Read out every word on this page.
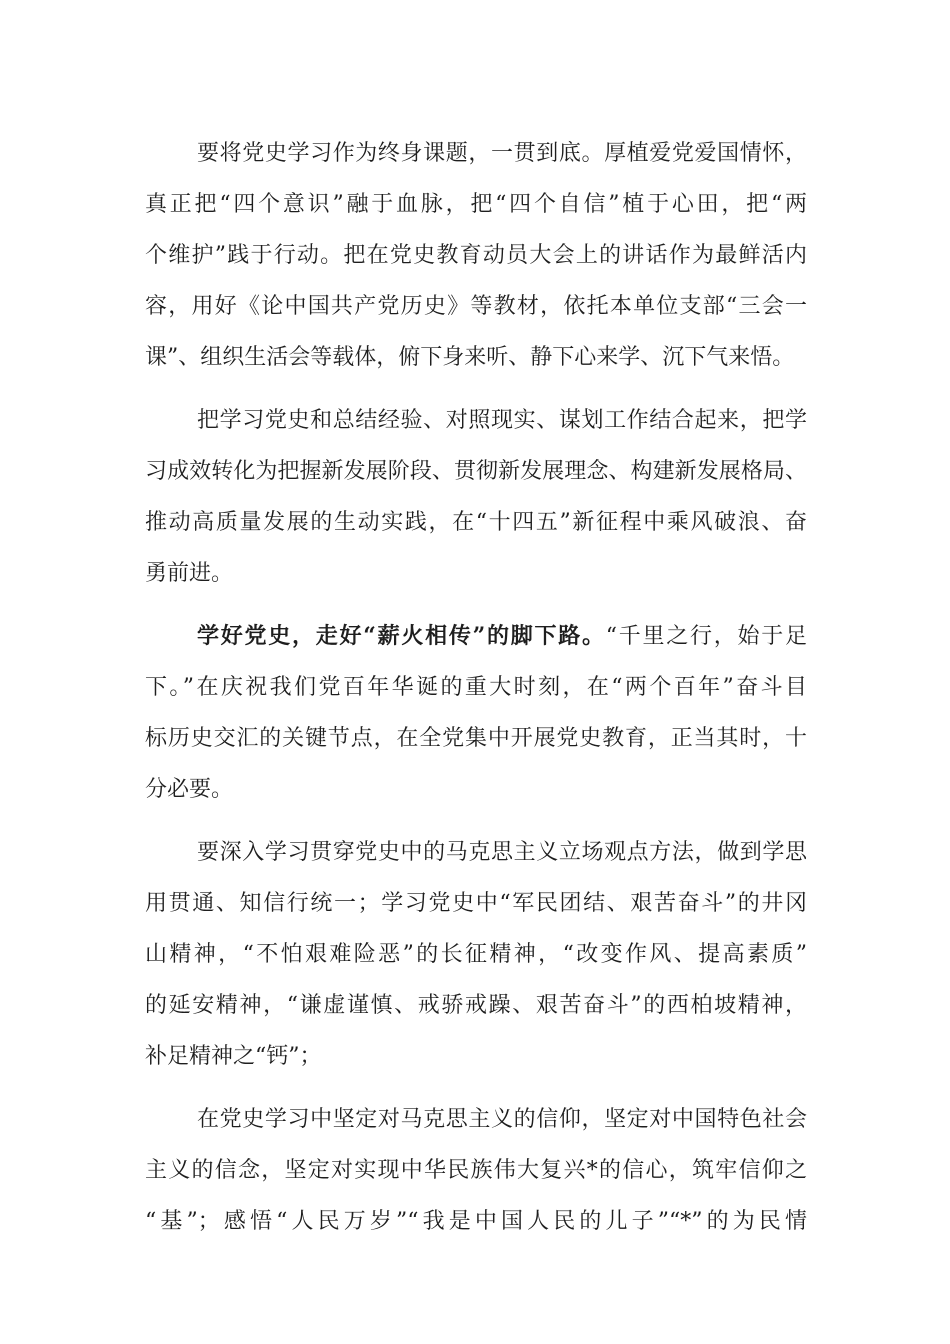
要将党史学习作为终身课题，一贯到底。厚植爱党爱国情怀，
真正把“四个意识”融于血脉，把“四个自信”植于心田，把“两
个维护”践于行动。把在党史教育动员大会上的讲话作为最鲜活内
容，用好《论中国共产党历史》等教材，依托本单位支部“三会一
课”、组织生活会等载体，俯下身来听、静下心来学、沉下气来悟。
把学习党史和总结经验、对照现实、谋划工作结合起来，把学
习成效转化为把握新发展阶段、贯彻新发展理念、构建新发展格局、
推动高质量发展的生动实践，在“十四五”新征程中乘风破浪、奋
勇前进。
学好党史，走好“薪火相传”的脚下路。“千里之行，始于足
下。”在庆祝我们党百年华诞的重大时刻，在“两个百年”奋斗目
标历史交汇的关键节点，在全党集中开展党史教育，正当其时，十
分必要。
要深入学习贯穿党史中的马克思主义立场观点方法，做到学思
用贯通、知信行统一；学习党史中“军民团结、艰苦奋斗”的井冈
山精神，“不怕艰难险恶”的长征精神，“改变作风、提高素质”
的延安精神，“谦虚谨慎、戒骄戒躁、艰苦奋斗”的西柏坡精神，
补足精神之“钙”；
在党史学习中坚定对马克思主义的信仰，坚定对中国特色社会
主义的信念，坚定对实现中华民族伟大复兴*的信心，筑牢信仰之
“基”；感悟“人民万岁”“我是中国人民的儿子”“*”的为民情
